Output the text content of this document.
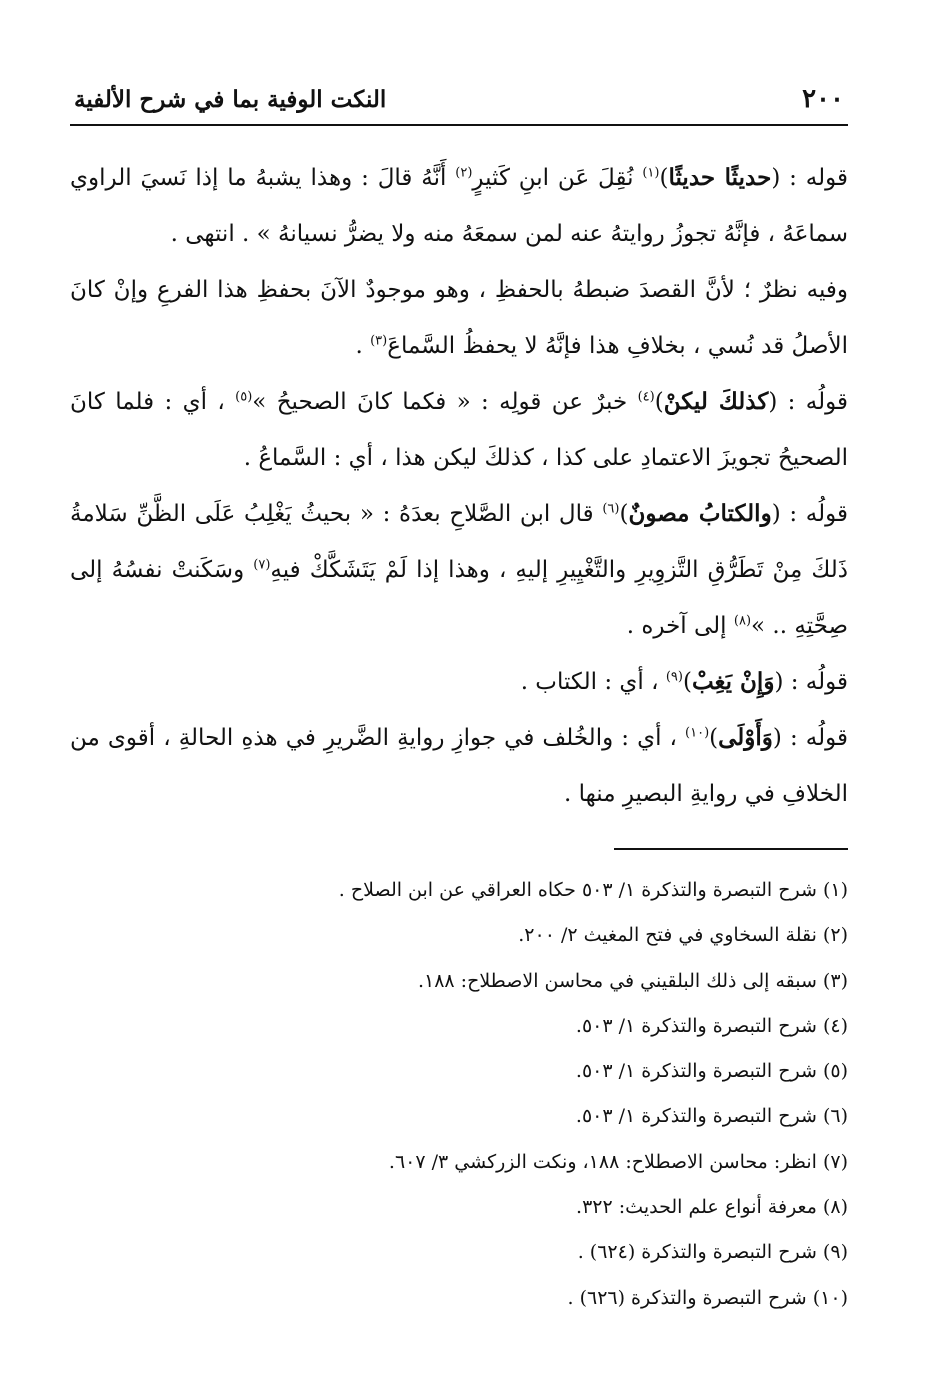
٢٠٠
النكت الوفية بما في شرح الألفية

قوله : (حديثًا حديثًا)$^{(١)}$ نُقِلَ عَن ابنِ كَثيرٍ$^{(٢)}$ أَنَّهُ قالَ : وهذا يشبهُ ما إذا نَسيَ الراوي سماعَهُ ، فإنَّهُ تجوزُ روايتهُ عنه لمن سمعَهُ منه ولا يضرُّ نسيانهُ » . انتهى .

وفيه نظرٌ ؛ لأنَّ القصدَ ضبطهُ بالحفظِ ، وهو موجودٌ الآنَ بحفظِ هذا الفرعِ وإنْ كانَ الأصلُ قد نُسي ، بخلافِ هذا فإنَّهُ لا يحفظُ السَّماعَ$^{(٣)}$ .

قولُه : (كذلكَ ليكنْ)$^{(٤)}$ خبرٌ عن قولِه : « فكما كانَ الصحيحُ »$^{(٥)}$ ، أي : فلما كانَ الصحيحُ تجويزَ الاعتمادِ على كذا ، كذلكَ ليكن هذا ، أي : السَّماعُ .

قولُه : (والكتابُ مصونٌ)$^{(٦)}$ قال ابن الصَّلاحِ بعدَهُ : « بحيثُ يَغْلِبُ عَلَى الظَّنِّ سَلامةُ ذَلكَ مِنْ تَطَرُّقِ التَّزوِيرِ والتَّغْيِيرِ إليهِ ، وهذا إذا لَمْ يَتَشَكَّكْ فيهِ$^{(٧)}$ وسَكَنتْ نفسُهُ إلى صِحَّتِهِ .. »$^{(٨)}$ إلى آخره .

قولُه : (وَإِنْ يَغِبْ)$^{(٩)}$ ، أي : الكتاب .

قولُه : (وَأَوْلَى)$^{(١٠)}$ ، أي : والخُلف في جوازِ روايةِ الضَّريرِ في هذهِ الحالةِ ، أقوى من الخلافِ في روايةِ البصيرِ منها .

(١) شرح التبصرة والتذكرة ١/ ٥٠٣ حكاه العراقي عن ابن الصلاح .
(٢) نقلة السخاوي في فتح المغيث ٢/ ٢٠٠.
(٣) سبقه إلى ذلك البلقيني في محاسن الاصطلاح: ١٨٨.
(٤) شرح التبصرة والتذكرة ١/ ٥٠٣.
(٥) شرح التبصرة والتذكرة ١/ ٥٠٣.
(٦) شرح التبصرة والتذكرة ١/ ٥٠٣.
(٧) انظر: محاسن الاصطلاح: ١٨٨، ونكت الزركشي ٣/ ٦٠٧.
(٨) معرفة أنواع علم الحديث: ٣٢٢.
(٩) شرح التبصرة والتذكرة (٦٢٤) .
(١٠) شرح التبصرة والتذكرة (٦٢٦) .
